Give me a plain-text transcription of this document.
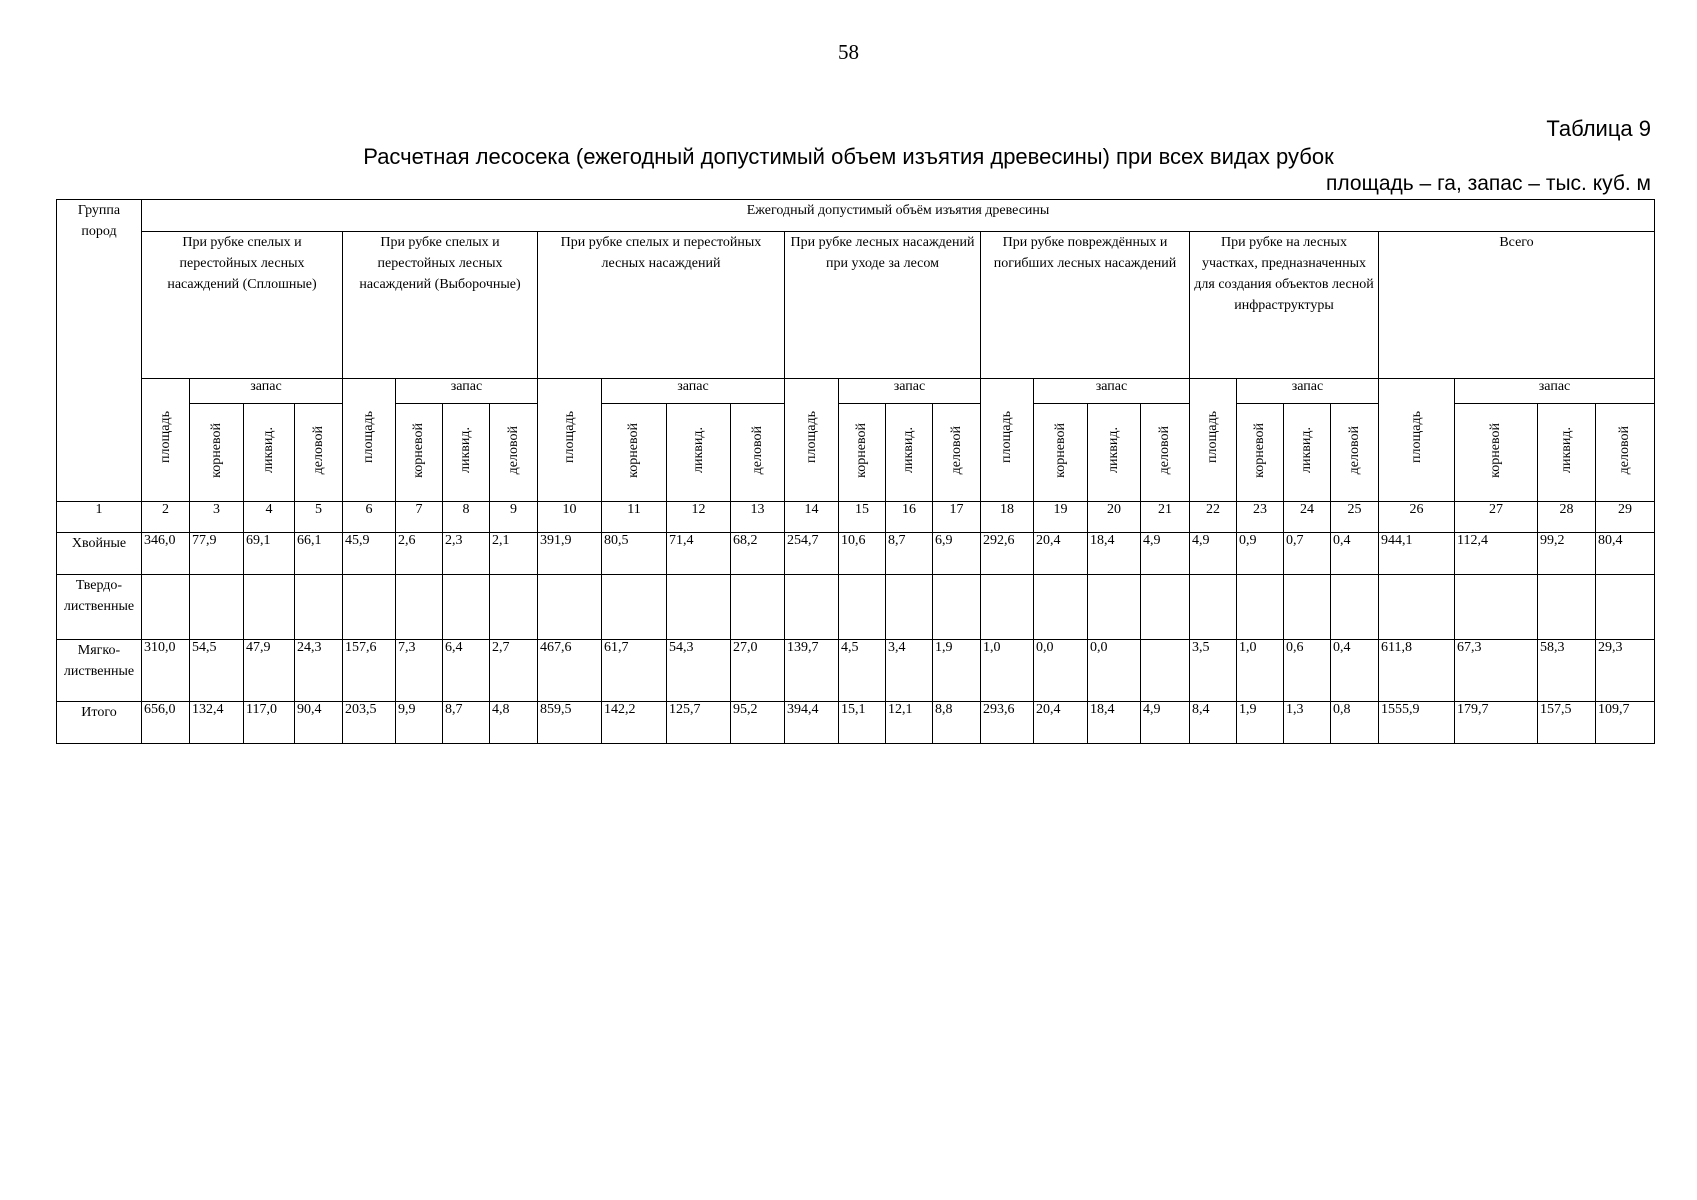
58
Таблица 9
Расчетная лесосека (ежегодный допустимый объем изъятия древесины) при всех видах рубок
площадь – га, запас – тыс. куб. м
Группа пород	Ежегодный допустимый объём изъятия древесины																											
	При рубке спелых и перестойных лесных насаждений (Сплошные)				При рубке спелых и перестойных лесных насаждений (Выборочные)				При рубке спелых и перестойных лесных насаждений				При рубке лесных насаждений при уходе за лесом				При рубке повреждённых и погибших лесных насаждений				При рубке на лесных участках, предназначенных для создания объектов лесной инфраструктуры				Всего			
	площадь	запас			площадь	запас			площадь	запас			площадь	запас			площадь	запас			площадь	запас			площадь	запас		
		корневой	ликвид.	деловой		корневой	ликвид.	деловой		корневой	ликвид.	деловой		корневой	ликвид.	деловой		корневой	ликвид.	деловой		корневой	ликвид.	деловой		корневой	ликвид.	деловой
1	2	3	4	5	6	7	8	9	10	11	12	13	14	15	16	17	18	19	20	21	22	23	24	25	26	27	28	29
Хвойные	346,0	77,9	69,1	66,1	45,9	2,6	2,3	2,1	391,9	80,5	71,4	68,2	254,7	10,6	8,7	6,9	292,6	20,4	18,4	4,9	4,9	0,9	0,7	0,4	944,1	112,4	99,2	80,4
Твердо-лиственные																												
Мягко-лиственные	310,0	54,5	47,9	24,3	157,6	7,3	6,4	2,7	467,6	61,7	54,3	27,0	139,7	4,5	3,4	1,9	1,0	0,0	0,0		3,5	1,0	0,6	0,4	611,8	67,3	58,3	29,3
Итого	656,0	132,4	117,0	90,4	203,5	9,9	8,7	4,8	859,5	142,2	125,7	95,2	394,4	15,1	12,1	8,8	293,6	20,4	18,4	4,9	8,4	1,9	1,3	0,8	1555,9	179,7	157,5	109,7
